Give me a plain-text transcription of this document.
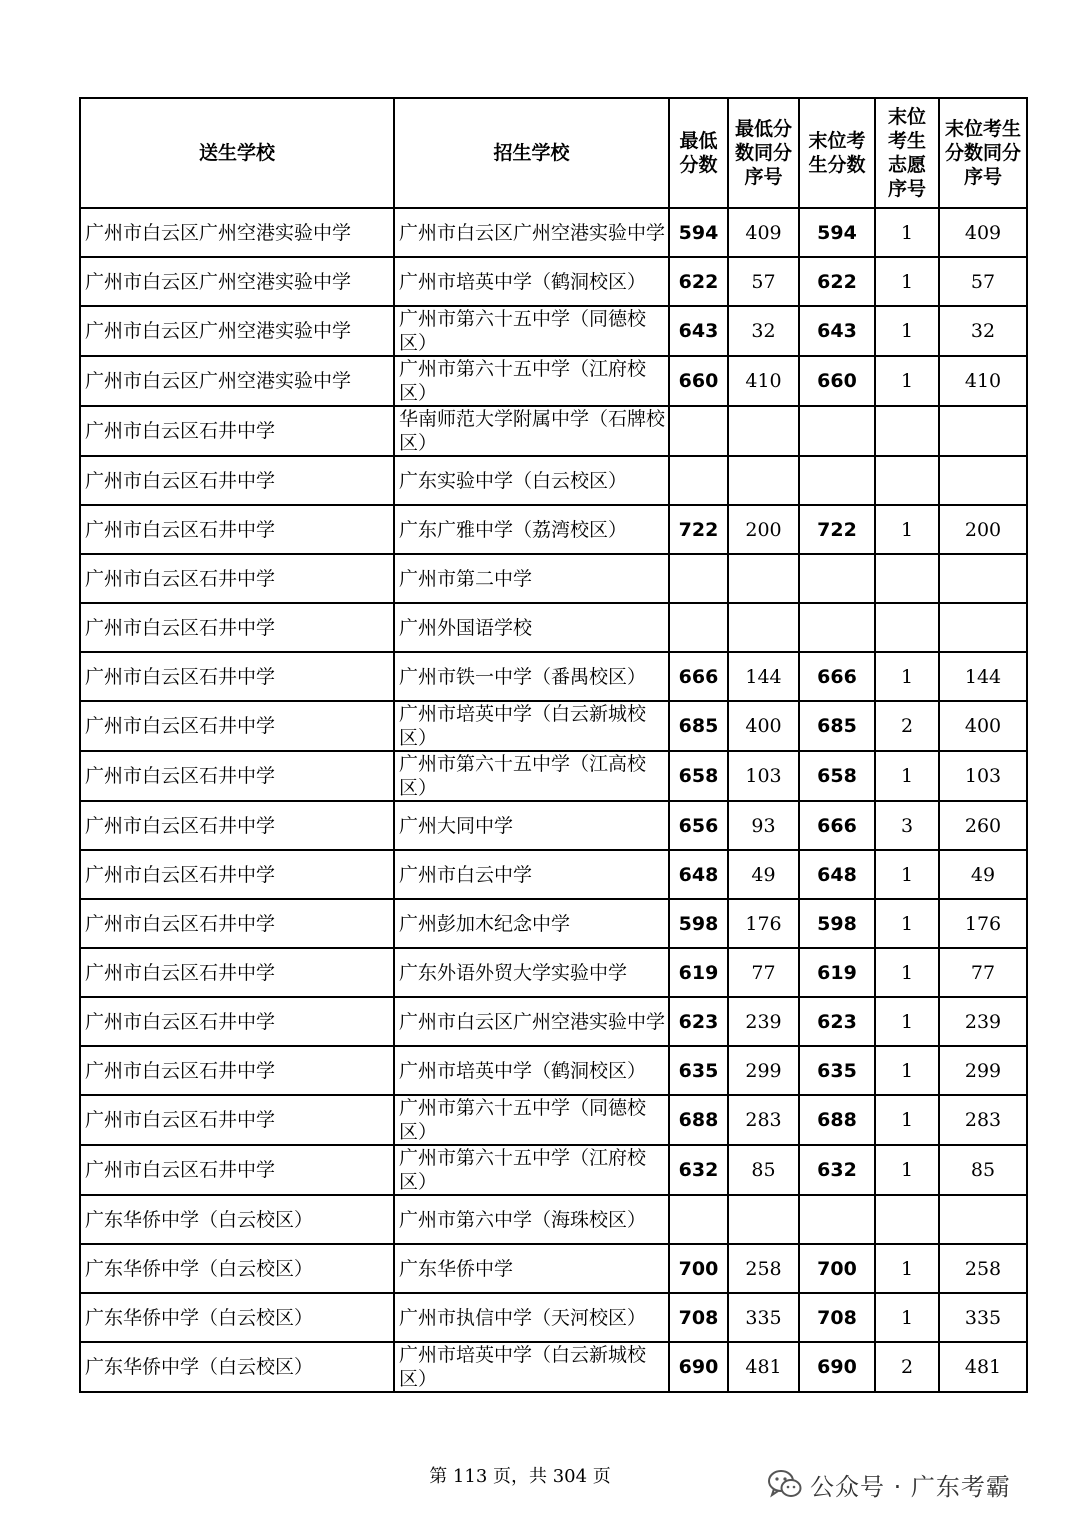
送生学校	招生学校	最低分数	最低分数同分序号	末位考生分数	末位考生志愿序号	末位考生分数同分序号

广州市白云区广州空港实验中学	广州市白云区广州空港实验中学	594	409	594	1	409
广州市白云区广州空港实验中学	广州市培英中学（鹤洞校区）	622	57	622	1	57
广州市白云区广州空港实验中学	广州市第六十五中学（同德校区）	643	32	643	1	32
广州市白云区广州空港实验中学	广州市第六十五中学（江府校区）	660	410	660	1	410
广州市白云区石井中学	华南师范大学附属中学（石牌校区）					
广州市白云区石井中学	广东实验中学（白云校区）					
广州市白云区石井中学	广东广雅中学（荔湾校区）	722	200	722	1	200
广州市白云区石井中学	广州市第二中学					
广州市白云区石井中学	广州外国语学校					
广州市白云区石井中学	广州市铁一中学（番禺校区）	666	144	666	1	144
广州市白云区石井中学	广州市培英中学（白云新城校区）	685	400	685	2	400
广州市白云区石井中学	广州市第六十五中学（江高校区）	658	103	658	1	103
广州市白云区石井中学	广州大同中学	656	93	666	3	260
广州市白云区石井中学	广州市白云中学	648	49	648	1	49
广州市白云区石井中学	广州彭加木纪念中学	598	176	598	1	176
广州市白云区石井中学	广东外语外贸大学实验中学	619	77	619	1	77
广州市白云区石井中学	广州市白云区广州空港实验中学	623	239	623	1	239
广州市白云区石井中学	广州市培英中学（鹤洞校区）	635	299	635	1	299
广州市白云区石井中学	广州市第六十五中学（同德校区）	688	283	688	1	283
广州市白云区石井中学	广州市第六十五中学（江府校区）	632	85	632	1	85
广东华侨中学（白云校区）	广州市第六中学（海珠校区）					
广东华侨中学（白云校区）	广东华侨中学	700	258	700	1	258
广东华侨中学（白云校区）	广州市执信中学（天河校区）	708	335	708	1	335
广东华侨中学（白云校区）	广州市培英中学（白云新城校区）	690	481	690	2	481
第 113 页，共 304 页	公众号 · 广东考霸
